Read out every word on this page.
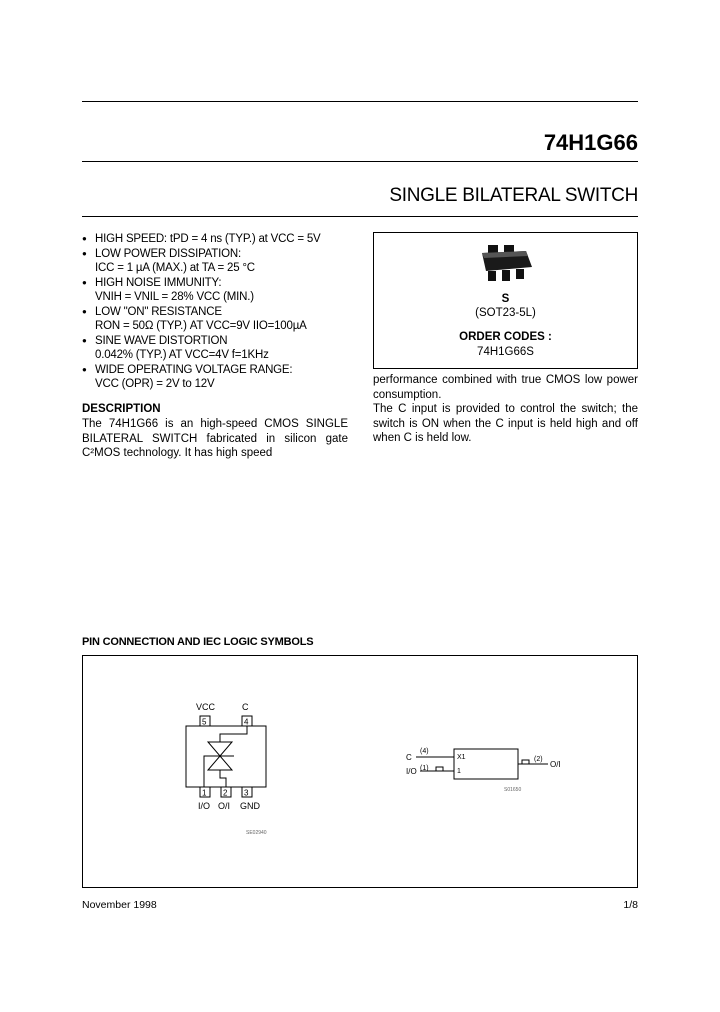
74H1G66
SINGLE BILATERAL SWITCH
● HIGH SPEED: tPD = 4 ns (TYP.) at VCC = 5V
● LOW POWER DISSIPATION:
ICC = 1 µA (MAX.) at TA = 25 °C
● HIGH NOISE IMMUNITY:
VNIH = VNIL = 28% VCC (MIN.)
● LOW "ON" RESISTANCE
RON = 50Ω (TYP.) AT VCC=9V IIO=100µA
● SINE WAVE DISTORTION
0.042% (TYP.) AT VCC=4V f=1KHz
● WIDE OPERATING VOLTAGE RANGE:
VCC (OPR) = 2V to 12V
DESCRIPTION
The 74H1G66 is an high-speed CMOS SINGLE BILATERAL SWITCH fabricated in silicon gate C²MOS technology. It has high speed
performance combined with true CMOS low power consumption.
The C input is provided to control the switch; the switch is ON when the C input is held high and off when C is held low.
S
(SOT23-5L)
ORDER CODES :
74H1G66S
PIN CONNECTION AND IEC LOGIC SYMBOLS
VCC	C
5	4
1 2 3
I/O O/I GND
SE02940
C
(4)
I/O (1)
X1
1
(2)
O/I
S01650
November 1998	1/8
